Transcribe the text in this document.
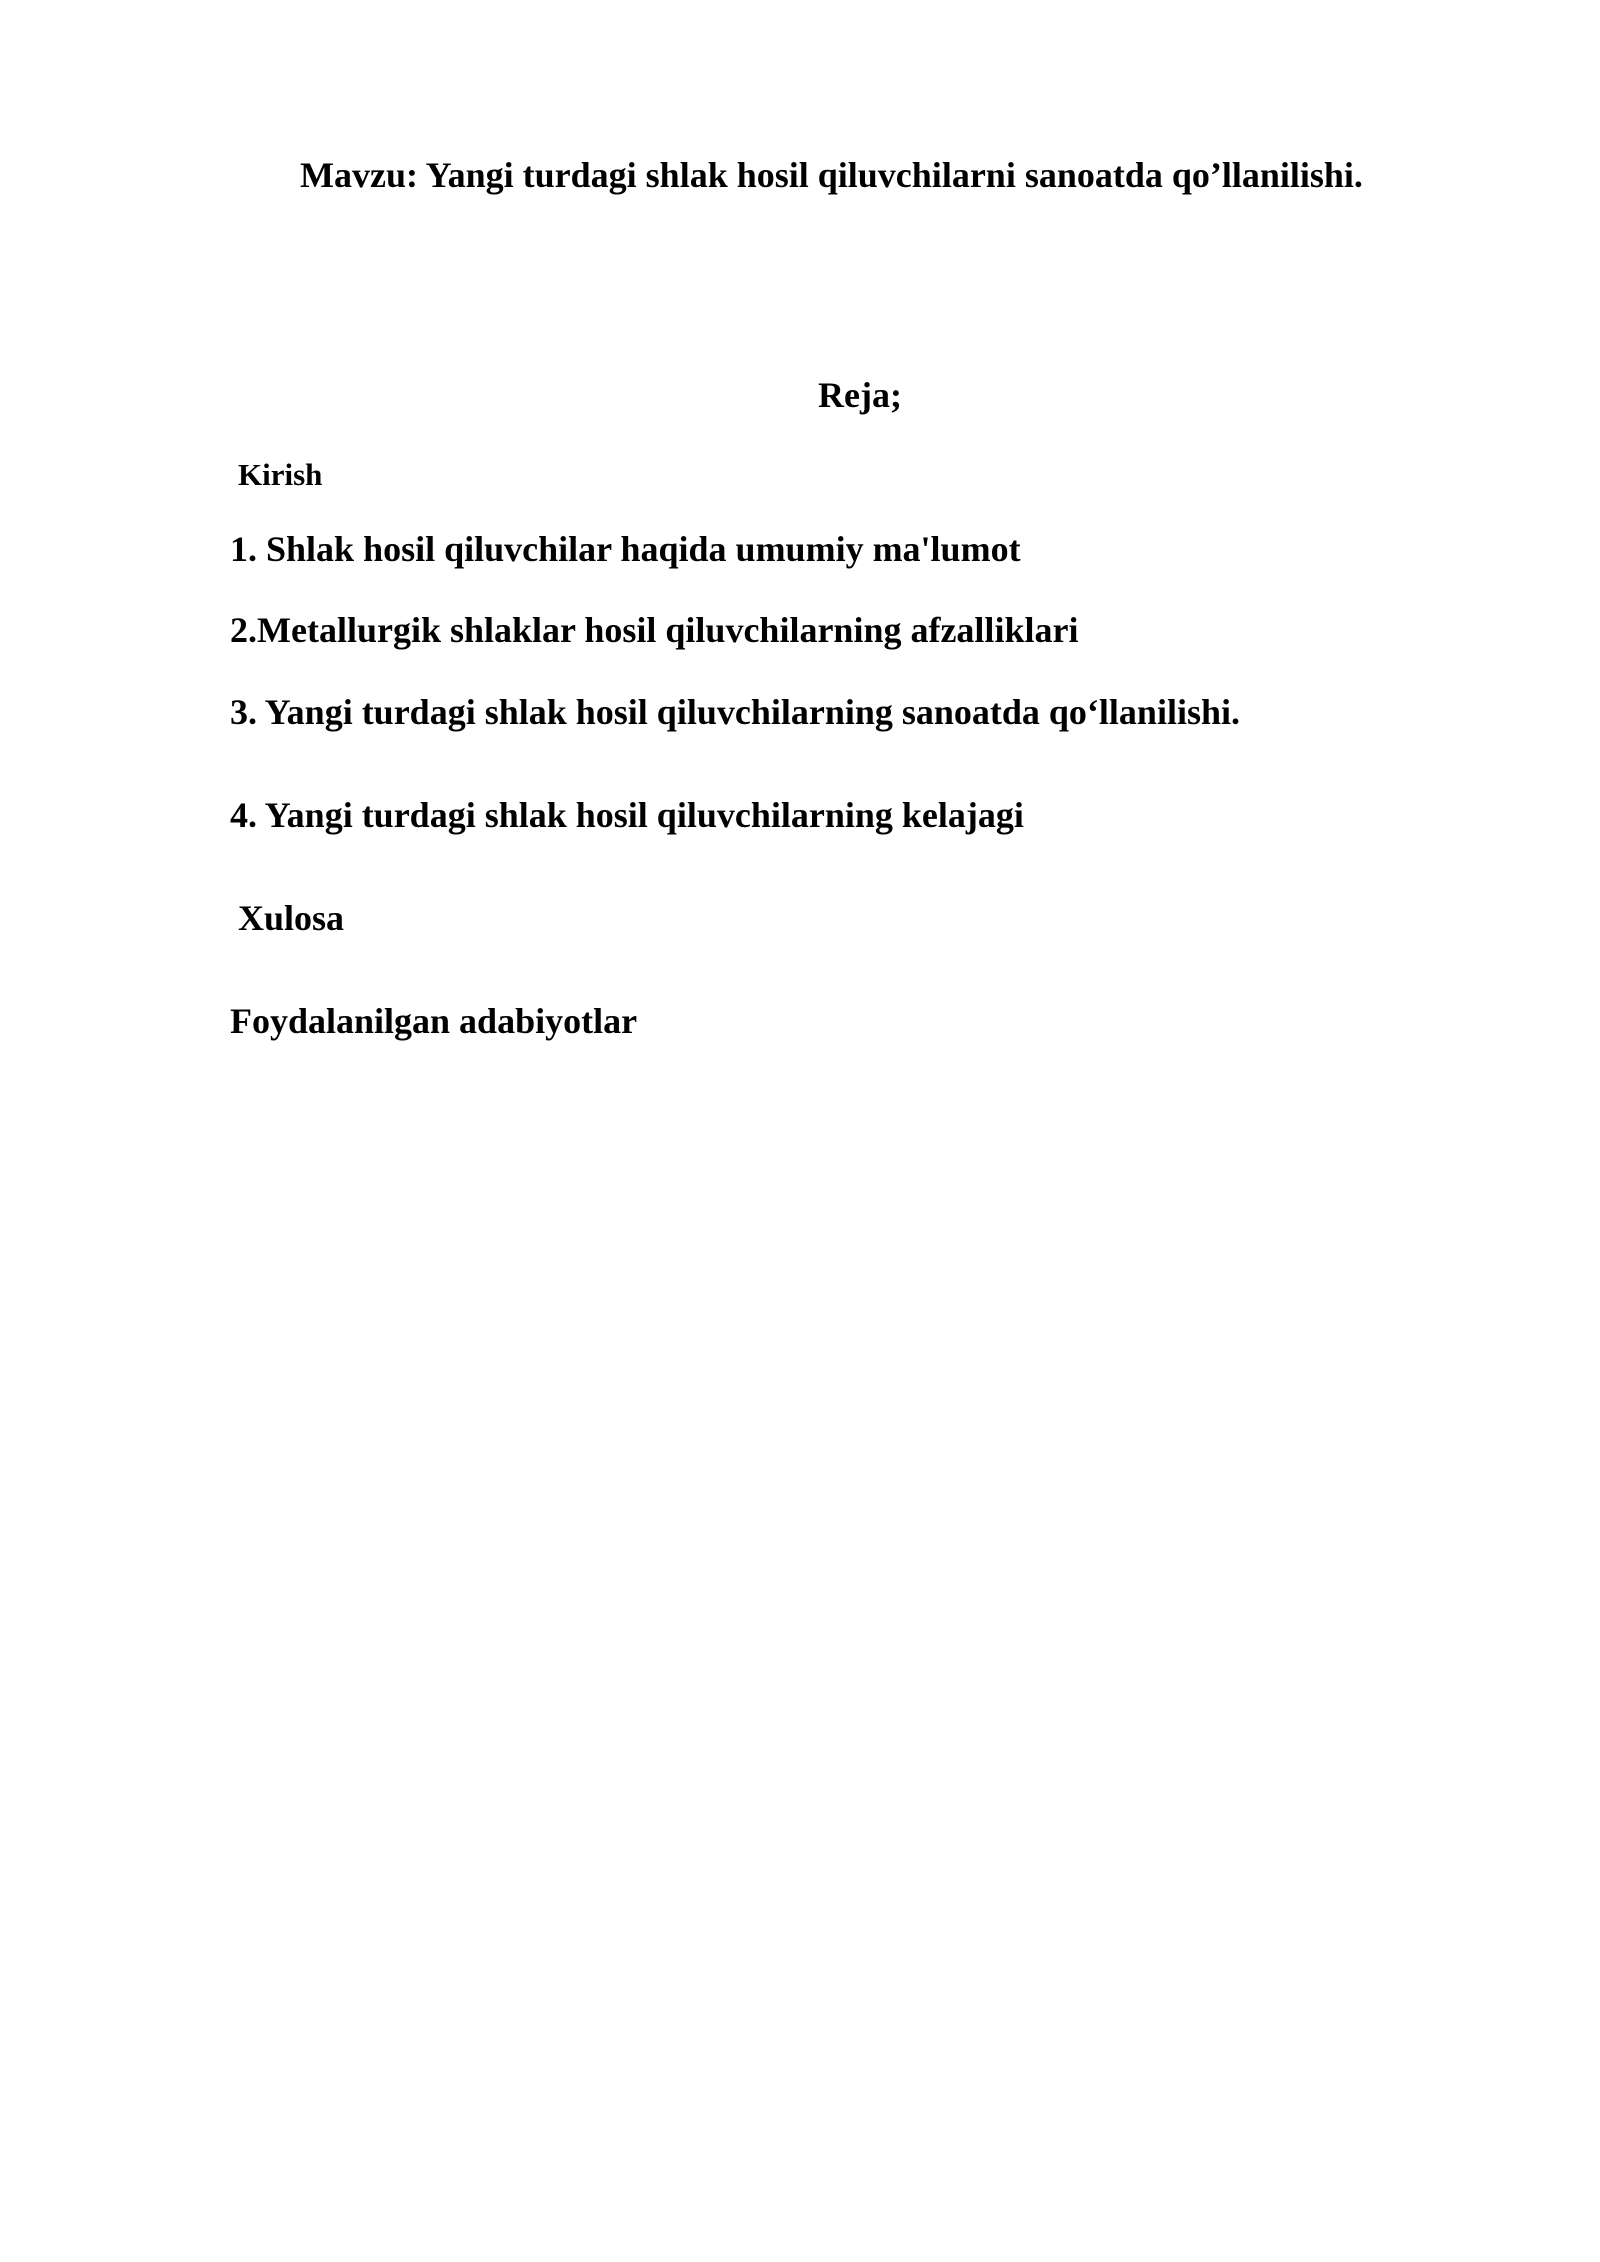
Mavzu: Yangi turdagi shlak hosil qiluvchilarni sanoatda qo’llanilishi.
Reja;
Kirish
1. Shlak hosil qiluvchilar haqida umumiy ma'lumot
2.Metallurgik shlaklar hosil qiluvchilarning afzalliklari
3. Yangi turdagi shlak hosil qiluvchilarning sanoatda qo‘llanilishi.
4. Yangi turdagi shlak hosil qiluvchilarning kelajagi
Xulosa
Foydalanilgan adabiyotlar
